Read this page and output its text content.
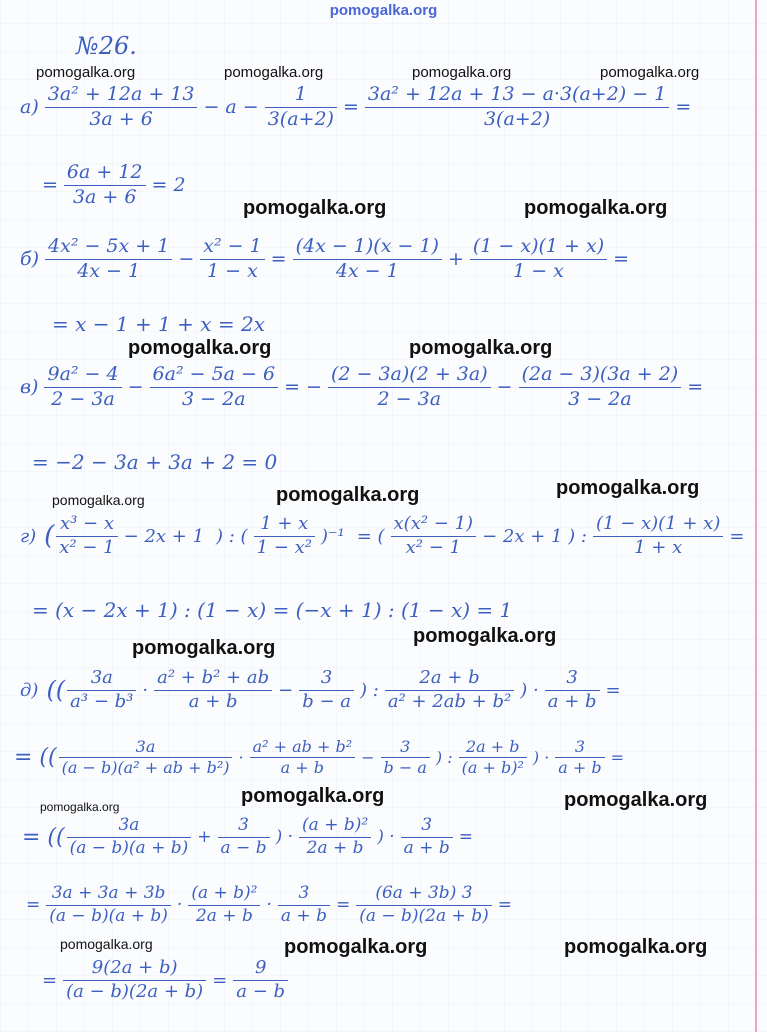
pomogalka.org
pomogalka.org	pomogalka.org	pomogalka.org	pomogalka.org
pomogalka.org	pomogalka.org
pomogalka.org	pomogalka.org
pomogalka.org	pomogalka.org	pomogalka.org
pomogalka.org
pomogalka.org
pomogalka.org	pomogalka.org	pomogalka.org
pomogalka.org	pomogalka.org	pomogalka.org
№26.
$а) \frac{\text{3a² + 12a + 13}}{3a + 6} - a - \frac{1}{3(a+2)} = \frac{\text{3a² + 12a + 13 − a·3(a+2) − 1}}{3(a+2)}$ =
= $\frac{6a + 12}{3a + 6} = 2$
$б) \frac{\text{4x² − 5x + 1}}{4x - 1} - \frac{\text{x² − 1}}{1 - x} = \frac{(4x - 1)(x - 1)}{4x - 1} + \frac{(1 - x)(1 + x)}{1 - x}$ =
= x − 1 + 1 + x = 2x
$в) \frac{\text{9a² − 4}}{2 - 3a} - \frac{\text{6a² − 5a − 6}}{3 - 2a}$ = − $\frac{(2 - 3a)(2 + 3a)}{2 - 3a} - \frac{(2a - 3)(3a + 2)}{3 - 2a}$ =
= −2 − 3a + 3a + 2 = 0
г) ( $\frac{\text{x³ − x}}{\text{x² − 1}} - 2x + 1$ ) : ( $\frac{1 + x}{\text{1 − x²}} )^{-1}$ = ( $\frac{\text{x(x² − 1)}}{\text{x² − 1}} - 2x + 1$ ) : $\frac{(1 - x)(1 + x)}{1 + x}$ =
= (x − 2x + 1) : (1 − x) = (−x + 1) : (1 − x) = 1
д) (( $\frac{3a}{\text{a³ − b³}} \cdot \frac{\text{a² + b² + ab}}{a + b} - \frac{3}{b - a}$ ) : $\frac{2a + b}{\text{a² + 2ab + b²}}$ ) · $\frac{3}{a + b}$ =
= (( $\frac{3a}{\text{(a − b)(a² + ab + b²)}} \cdot \frac{\text{a² + ab + b²}}{a + b} - \frac{3}{b - a}$ ) : $\frac{2a + b}{\text{(a + b)²}}$ ) · $\frac{3}{a + b}$ =
= (( $\frac{3a}{(a - b)(a + b)} + \frac{3}{a - b}$ ) · $\frac{\text{(a + b)²}}{2a + b}$ ) · $\frac{3}{a + b}$ =
= $\frac{3a + 3a + 3b}{(a - b)(a + b)} \cdot \frac{\text{(a + b)²}}{2a + b} \cdot \frac{3}{a + b} = \frac{(6a + 3b) 3}{(a - b)(2a + b)}$ =
= $\frac{9(2a + b)}{(a - b)(2a + b)} = \frac{9}{a - b}$
